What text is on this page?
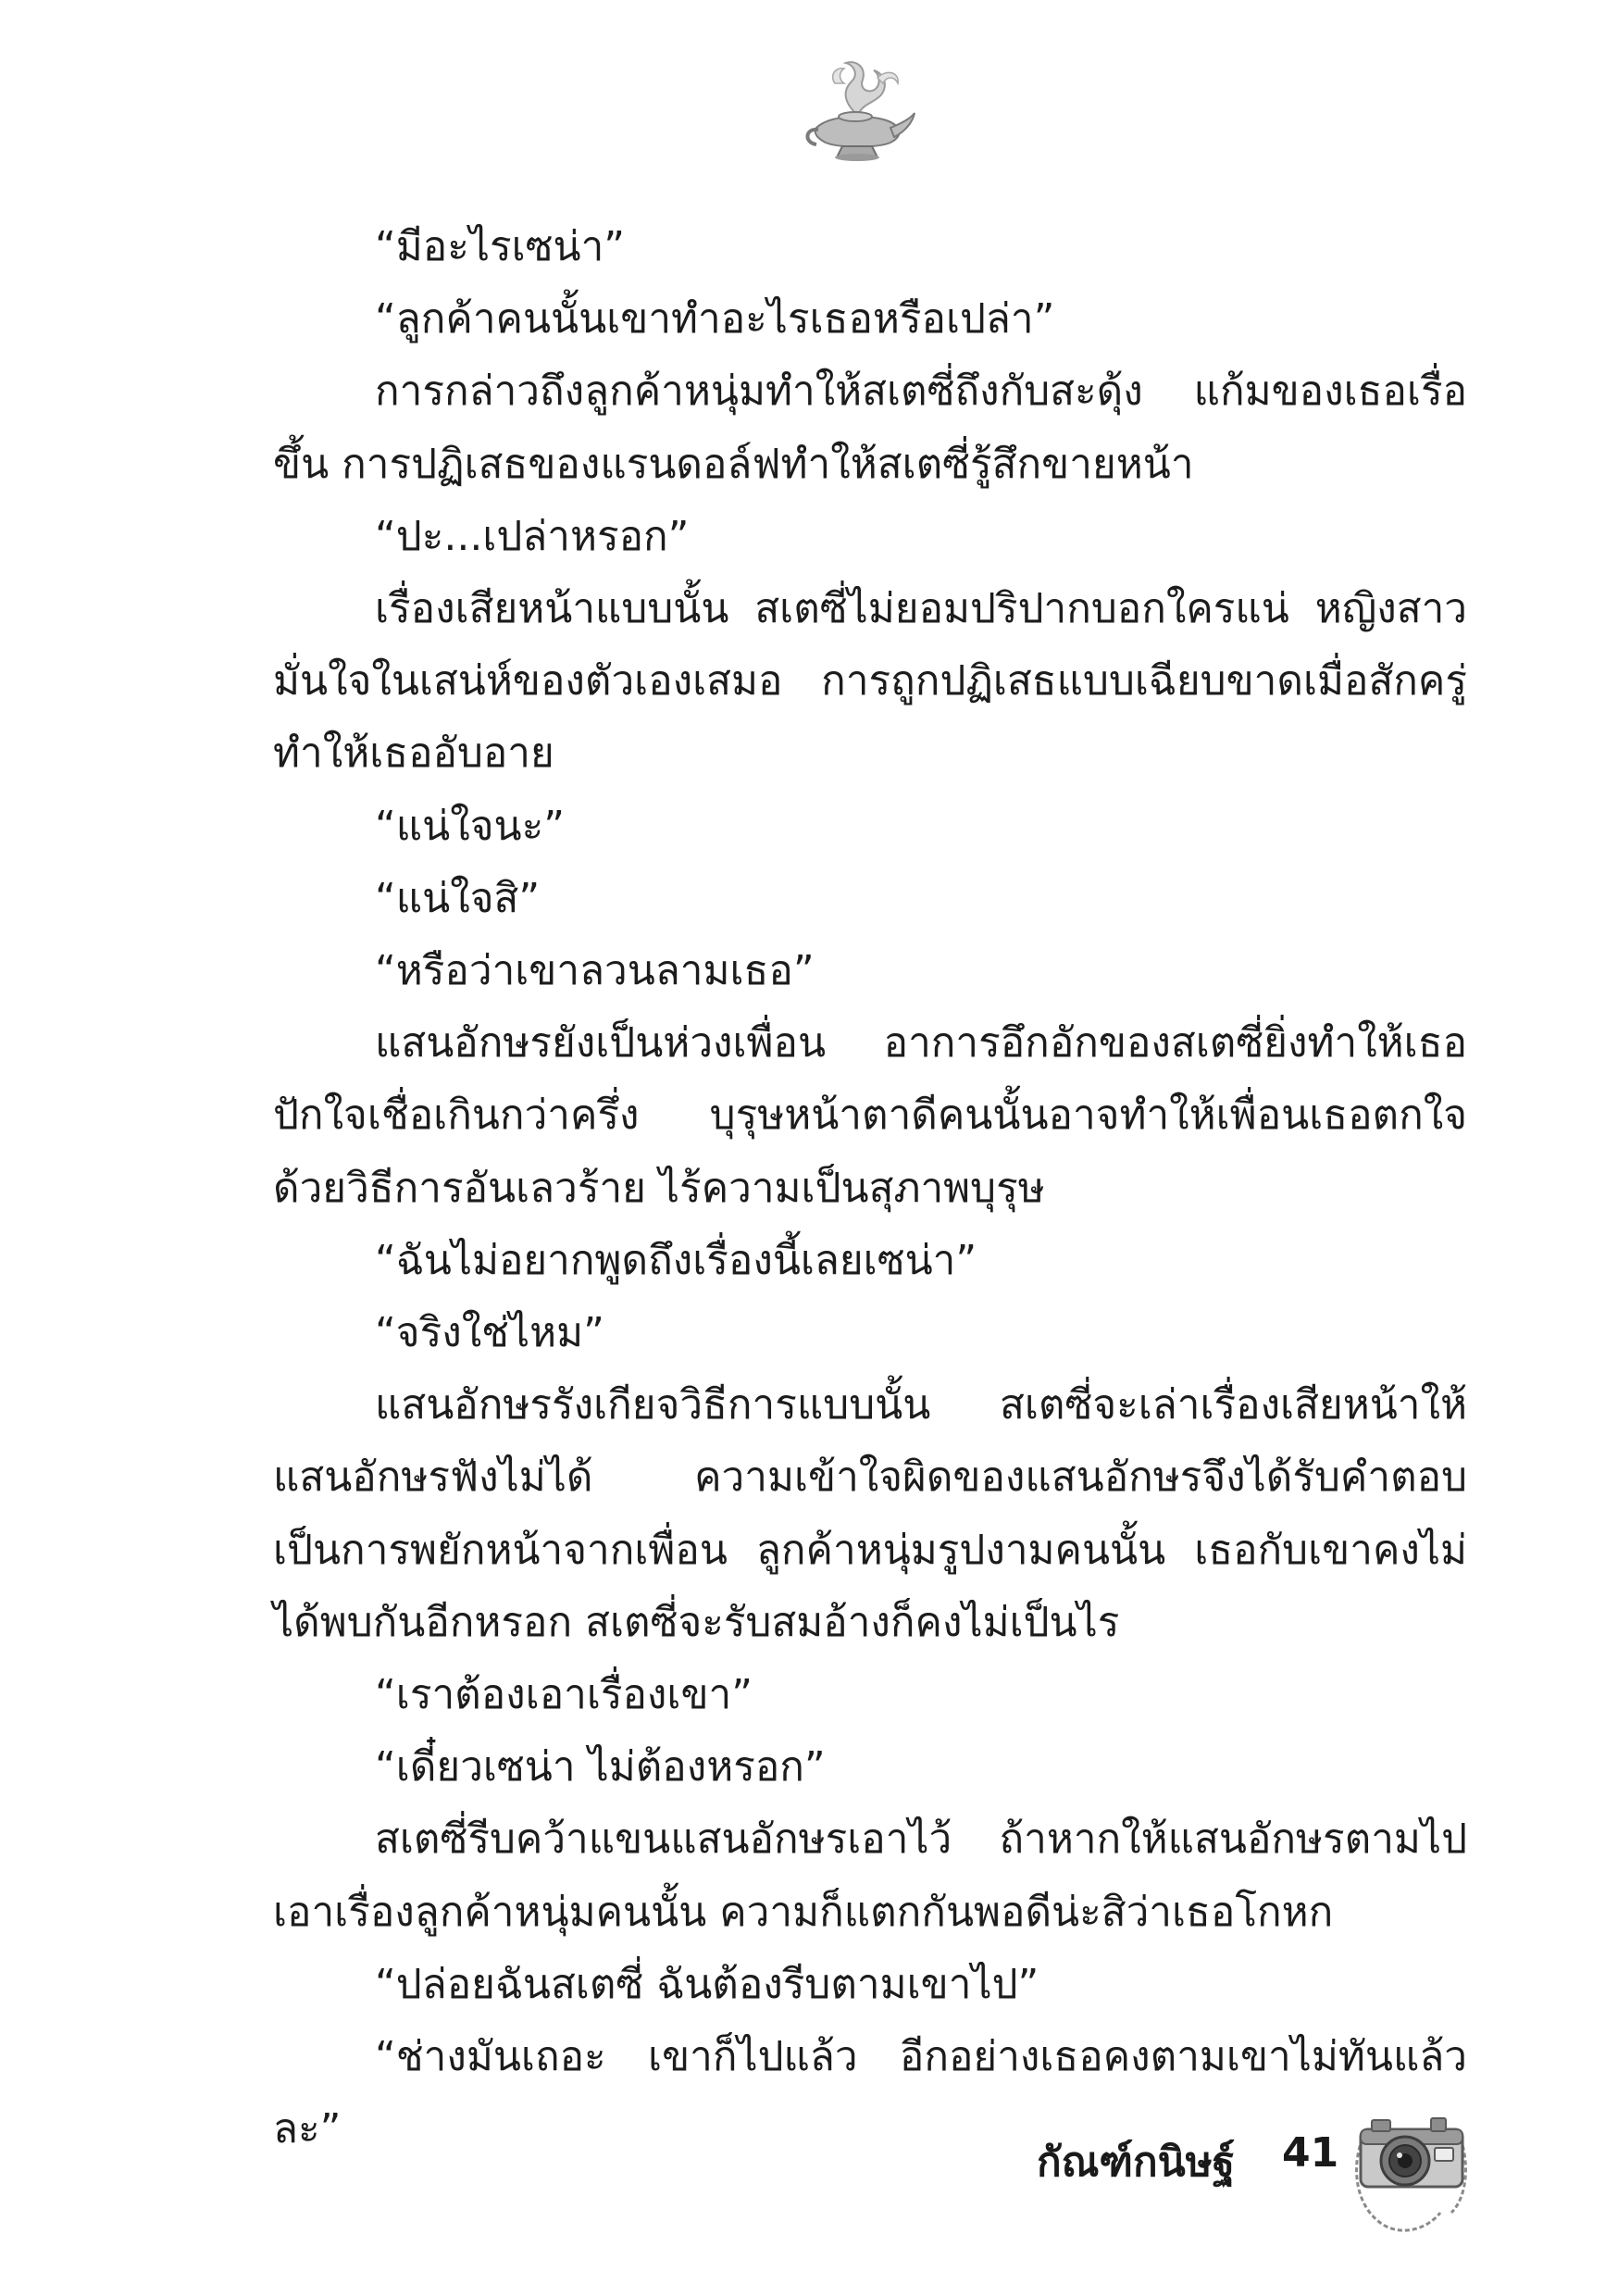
“มีอะไรเซน่า”

“ลูกค้าคนนั้นเขาทำอะไรเธอหรือเปล่า”

การกล่าวถึงลูกค้าหนุ่มทำให้สเตซี่ถึงกับสะดุ้ง แก้มของเธอเรื่อขึ้น การปฏิเสธของแรนดอล์ฟทำให้สเตซี่รู้สึกขายหน้า

“ปะ...เปล่าหรอก”

เรื่องเสียหน้าแบบนั้น สเตซี่ไม่ยอมปริปากบอกใครแน่ หญิงสาวมั่นใจในเสน่ห์ของตัวเองเสมอ การถูกปฏิเสธแบบเฉียบขาดเมื่อสักครู่ทำให้เธออับอาย

“แน่ใจนะ”

“แน่ใจสิ”

“หรือว่าเขาลวนลามเธอ”

แสนอักษรยังเป็นห่วงเพื่อน อาการอึกอักของสเตซี่ยิ่งทำให้เธอปักใจเชื่อเกินกว่าครึ่ง บุรุษหน้าตาดีคนนั้นอาจทำให้เพื่อนเธอตกใจด้วยวิธีการอันเลวร้าย ไร้ความเป็นสุภาพบุรุษ

“ฉันไม่อยากพูดถึงเรื่องนี้เลยเซน่า”

“จริงใช่ไหม”

แสนอักษรรังเกียจวิธีการแบบนั้น สเตซี่จะเล่าเรื่องเสียหน้าให้แสนอักษรฟังไม่ได้ ความเข้าใจผิดของแสนอักษรจึงได้รับคำตอบเป็นการพยักหน้าจากเพื่อน ลูกค้าหนุ่มรูปงามคนนั้น เธอกับเขาคงไม่ได้พบกันอีกหรอก สเตซี่จะรับสมอ้างก็คงไม่เป็นไร

“เราต้องเอาเรื่องเขา”

“เดี๋ยวเซน่า ไม่ต้องหรอก”

สเตซี่รีบคว้าแขนแสนอักษรเอาไว้ ถ้าหากให้แสนอักษรตามไปเอาเรื่องลูกค้าหนุ่มคนนั้น ความก็แตกกันพอดีน่ะสิว่าเธอโกหก

“ปล่อยฉันสเตซี่ ฉันต้องรีบตามเขาไป”

“ช่างมันเถอะ เขาก็ไปแล้ว อีกอย่างเธอคงตามเขาไม่ทันแล้วละ”

กัณฑ์กนิษฐ์ 41
